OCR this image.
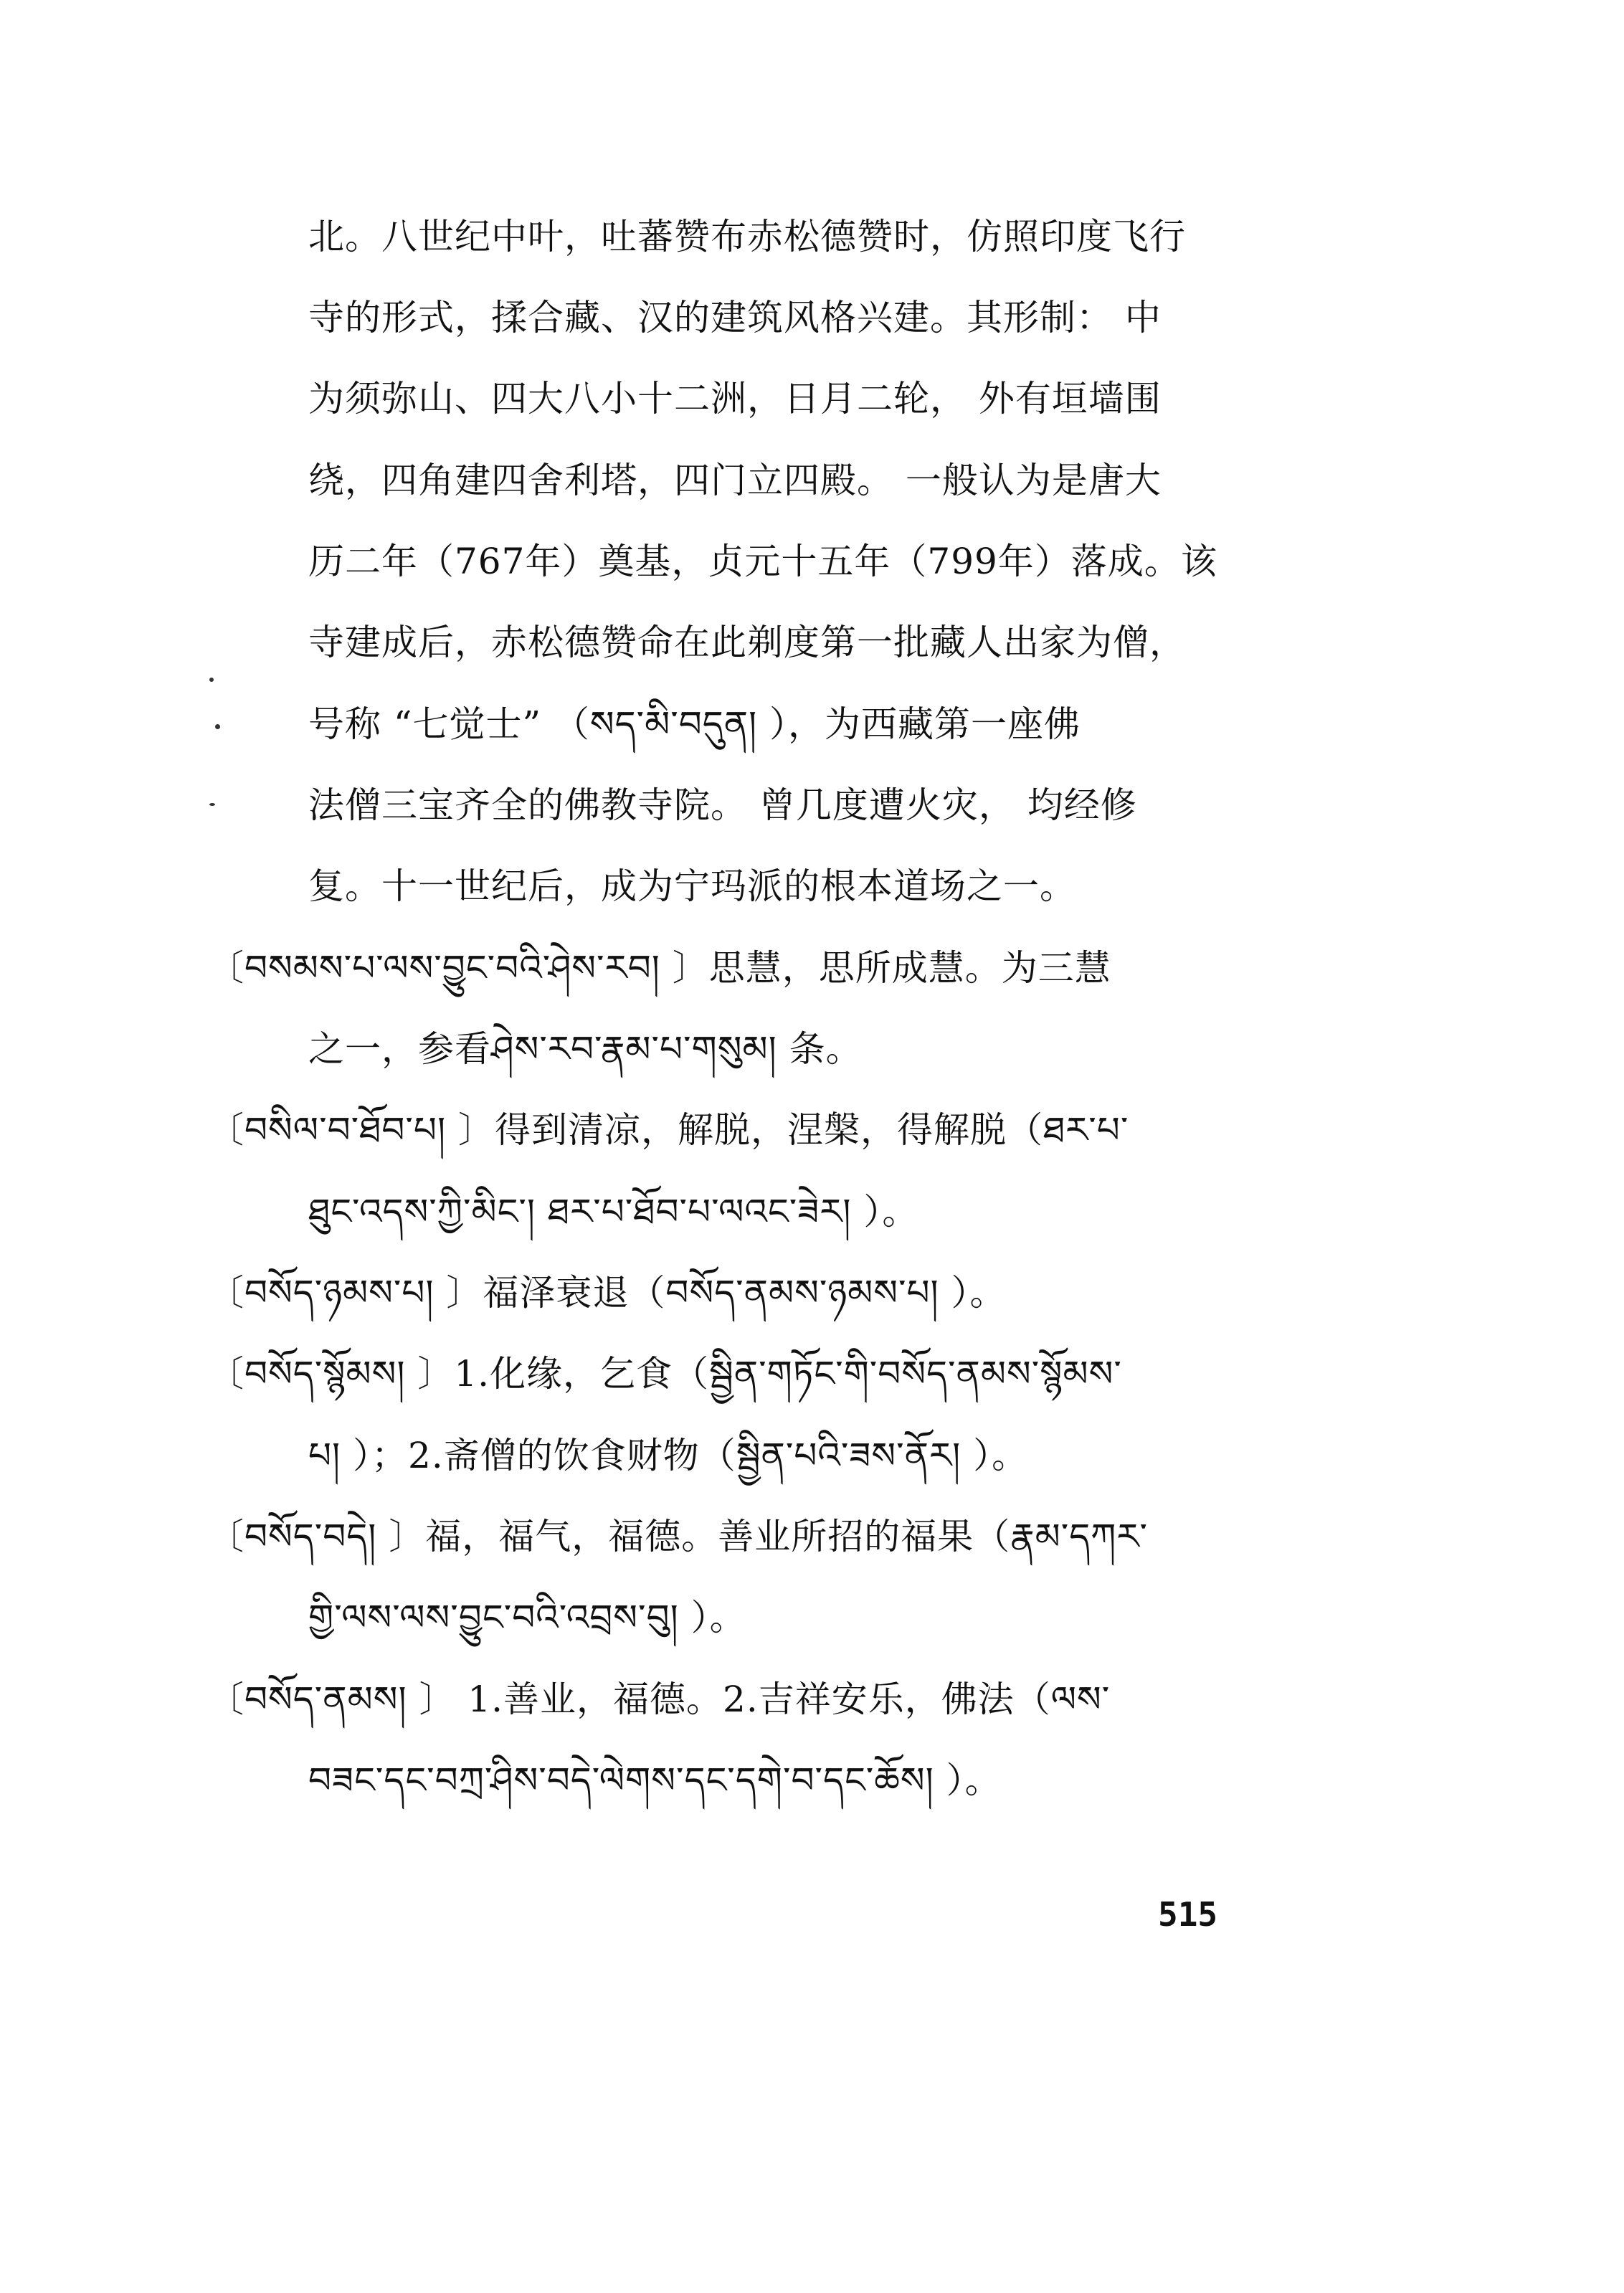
北。八世纪中叶，吐蕃赞布赤松德赞时，仿照印度飞行
寺的形式，揉合藏、汉的建筑风格兴建。其形制： 中
为须弥山、四大八小十二洲，日月二轮， 外有垣墙围
绕，四角建四舍利塔，四门立四殿。 一般认为是唐大
历二年（767年）奠基，贞元十五年（799年）落成。该
寺建成后，赤松德赞命在此剃度第一批藏人出家为僧，
号称 “七觉士” （སད་མི་བདུན། ），为西藏第一座佛
法僧三宝齐全的佛教寺院。 曾几度遭火灾， 均经修
复。十一世纪后，成为宁玛派的根本道场之一。
〔བསམས་པ་ལས་བྱུང་བའི་ཤེས་རབ། 〕思慧，思所成慧。为三慧
之一，参看ཤེས་རབ་རྣམ་པ་གསུམ། 条。
〔བསིལ་བ་ཐོབ་པ། 〕得到清凉，解脱，涅槃，得解脱（ཐར་པ་
ཐུང་འདས་ཀྱི་མིང་། ཐར་པ་ཐོབ་པ་ལའང་ཟེར། ）。
〔བསོད་ཉམས་པ། 〕福泽衰退（བསོད་ནམས་ཉམས་པ། ）。
〔བསོད་སྙོམས། 〕1.化缘，乞食（སྦྱིན་གཏོང་གི་བསོད་ནམས་སྙོམས་
པ། ）；2.斋僧的饮食财物（སྦྱིན་པའི་ཟས་ནོར། ）。
〔བསོད་བདེ། 〕福，福气，福德。善业所招的福果（རྣམ་དཀར་
གྱི་ལས་ལས་བྱུང་བའི་འབྲས་བུ། ）。
〔བསོད་ནམས། 〕 1.善业，福德。2.吉祥安乐，佛法（ལས་
བཟང་དང་བཀྲ་ཤིས་བདེ་ལེགས་དང་དགེ་བ་དང་ཆོས། ）。
515
